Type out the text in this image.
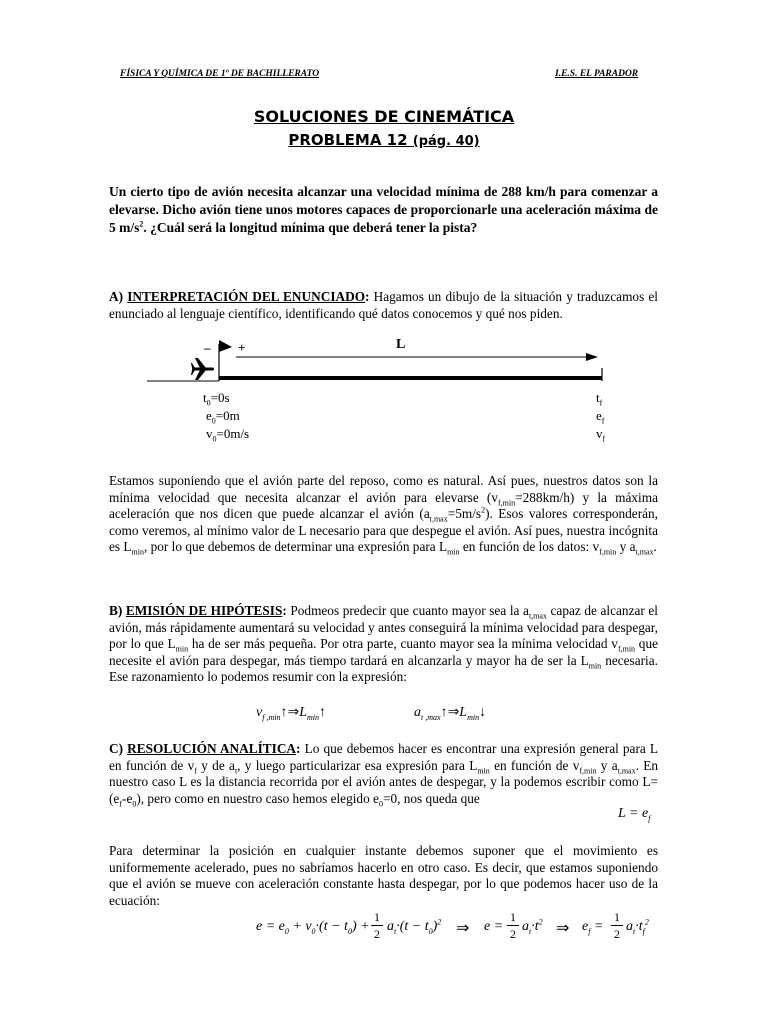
FÍSICA Y QUÍMICA DE 1º DE BACHILLERATO	I.E.S. EL PARADOR
SOLUCIONES DE CINEMÁTICA
PROBLEMA 12 (pág. 40)
Un cierto tipo de avión necesita alcanzar una velocidad mínima de 288 km/h para comenzar a elevarse. Dicho avión tiene unos motores capaces de proporcionarle una aceleración máxima de 5 $m/s^2$. ¿Cuál será la longitud mínima que deberá tener la pista?
A) INTERPRETACIÓN DEL ENUNCIADO: Hagamos un dibujo de la situación y traduzcamos el enunciado al lenguaje científico, identificando qué datos conocemos y qué nos piden.
– +	L
$t_0=0s$
$e_0=0m$
$v_0=0m/s$
$t_f$
$e_f$
$v_f$
Estamos suponiendo que el avión parte del reposo, como es natural. Así pues, nuestros datos son la mínima velocidad que necesita alcanzar el avión para elevarse $(v_{f,min}=288km/h)$ y la máxima aceleración que nos dicen que puede alcanzar el avión $(a_{t,max}=5m/s^2)$. Esos valores corresponderán, como veremos, al mínimo valor de L necesario para que despegue el avión. Así pues, nuestra incógnita es $L_{min}$, por lo que debemos de determinar una expresión para $L_{min}$ en función de los datos: $v_{f,min}$ y $a_{t,max}$.
B) EMISIÓN DE HIPÓTESIS: Podmeos predecir que cuanto mayor sea la $a_{t,max}$ capaz de alcanzar el avión, más rápidamente aumentará su velocidad y antes conseguirá la mínima velocidad para despegar, por lo que $L_{min}$ ha de ser más pequeña. Por otra parte, cuanto mayor sea la mínima velocidad $v_{f,min}$ que necesite el avión para despegar, más tiempo tardará en alcanzarla y mayor ha de ser la $L_{min}$ necesaria. Ese razonamiento lo podemos resumir con la expresión:
$v_{f ,min}↑\Rightarrow L_{min}↑$	$a_{t ,max}↑\Rightarrow L_{min}↓$
C) RESOLUCIÓN ANALÍTICA: Lo que debemos hacer es encontrar una expresión general para L en función de $v_f$ y de $a_t$, y luego particularizar esa expresión para $L_{min}$ en función de $v_{f,min}$ y $a_{t,max}$. En nuestro caso L es la distancia recorrida por el avión antes de despegar, y la podemos escribir como $L=(e_f-e_0)$, pero como en nuestro caso hemos elegido $e_0=0$, nos queda que
$L = e_f$
Para determinar la posición en cualquier instante debemos suponer que el movimiento es uniformemente acelerado, pues no sabríamos hacerlo en otro caso. Es decir, que estamos suponiendo que el avión se mueve con aceleración constante hasta despegar, por lo que podemos hacer uso de la ecuación:
$e = e_0 + v_0\cdot(t - t_0)$ +
1
2 $a_t\cdot(t - t_0)^2$ ⇒ e =
1
2 $a_t\cdot t^2$ ⇒ $e_f$ =
1
2 $a_t\cdot t_f^2$
